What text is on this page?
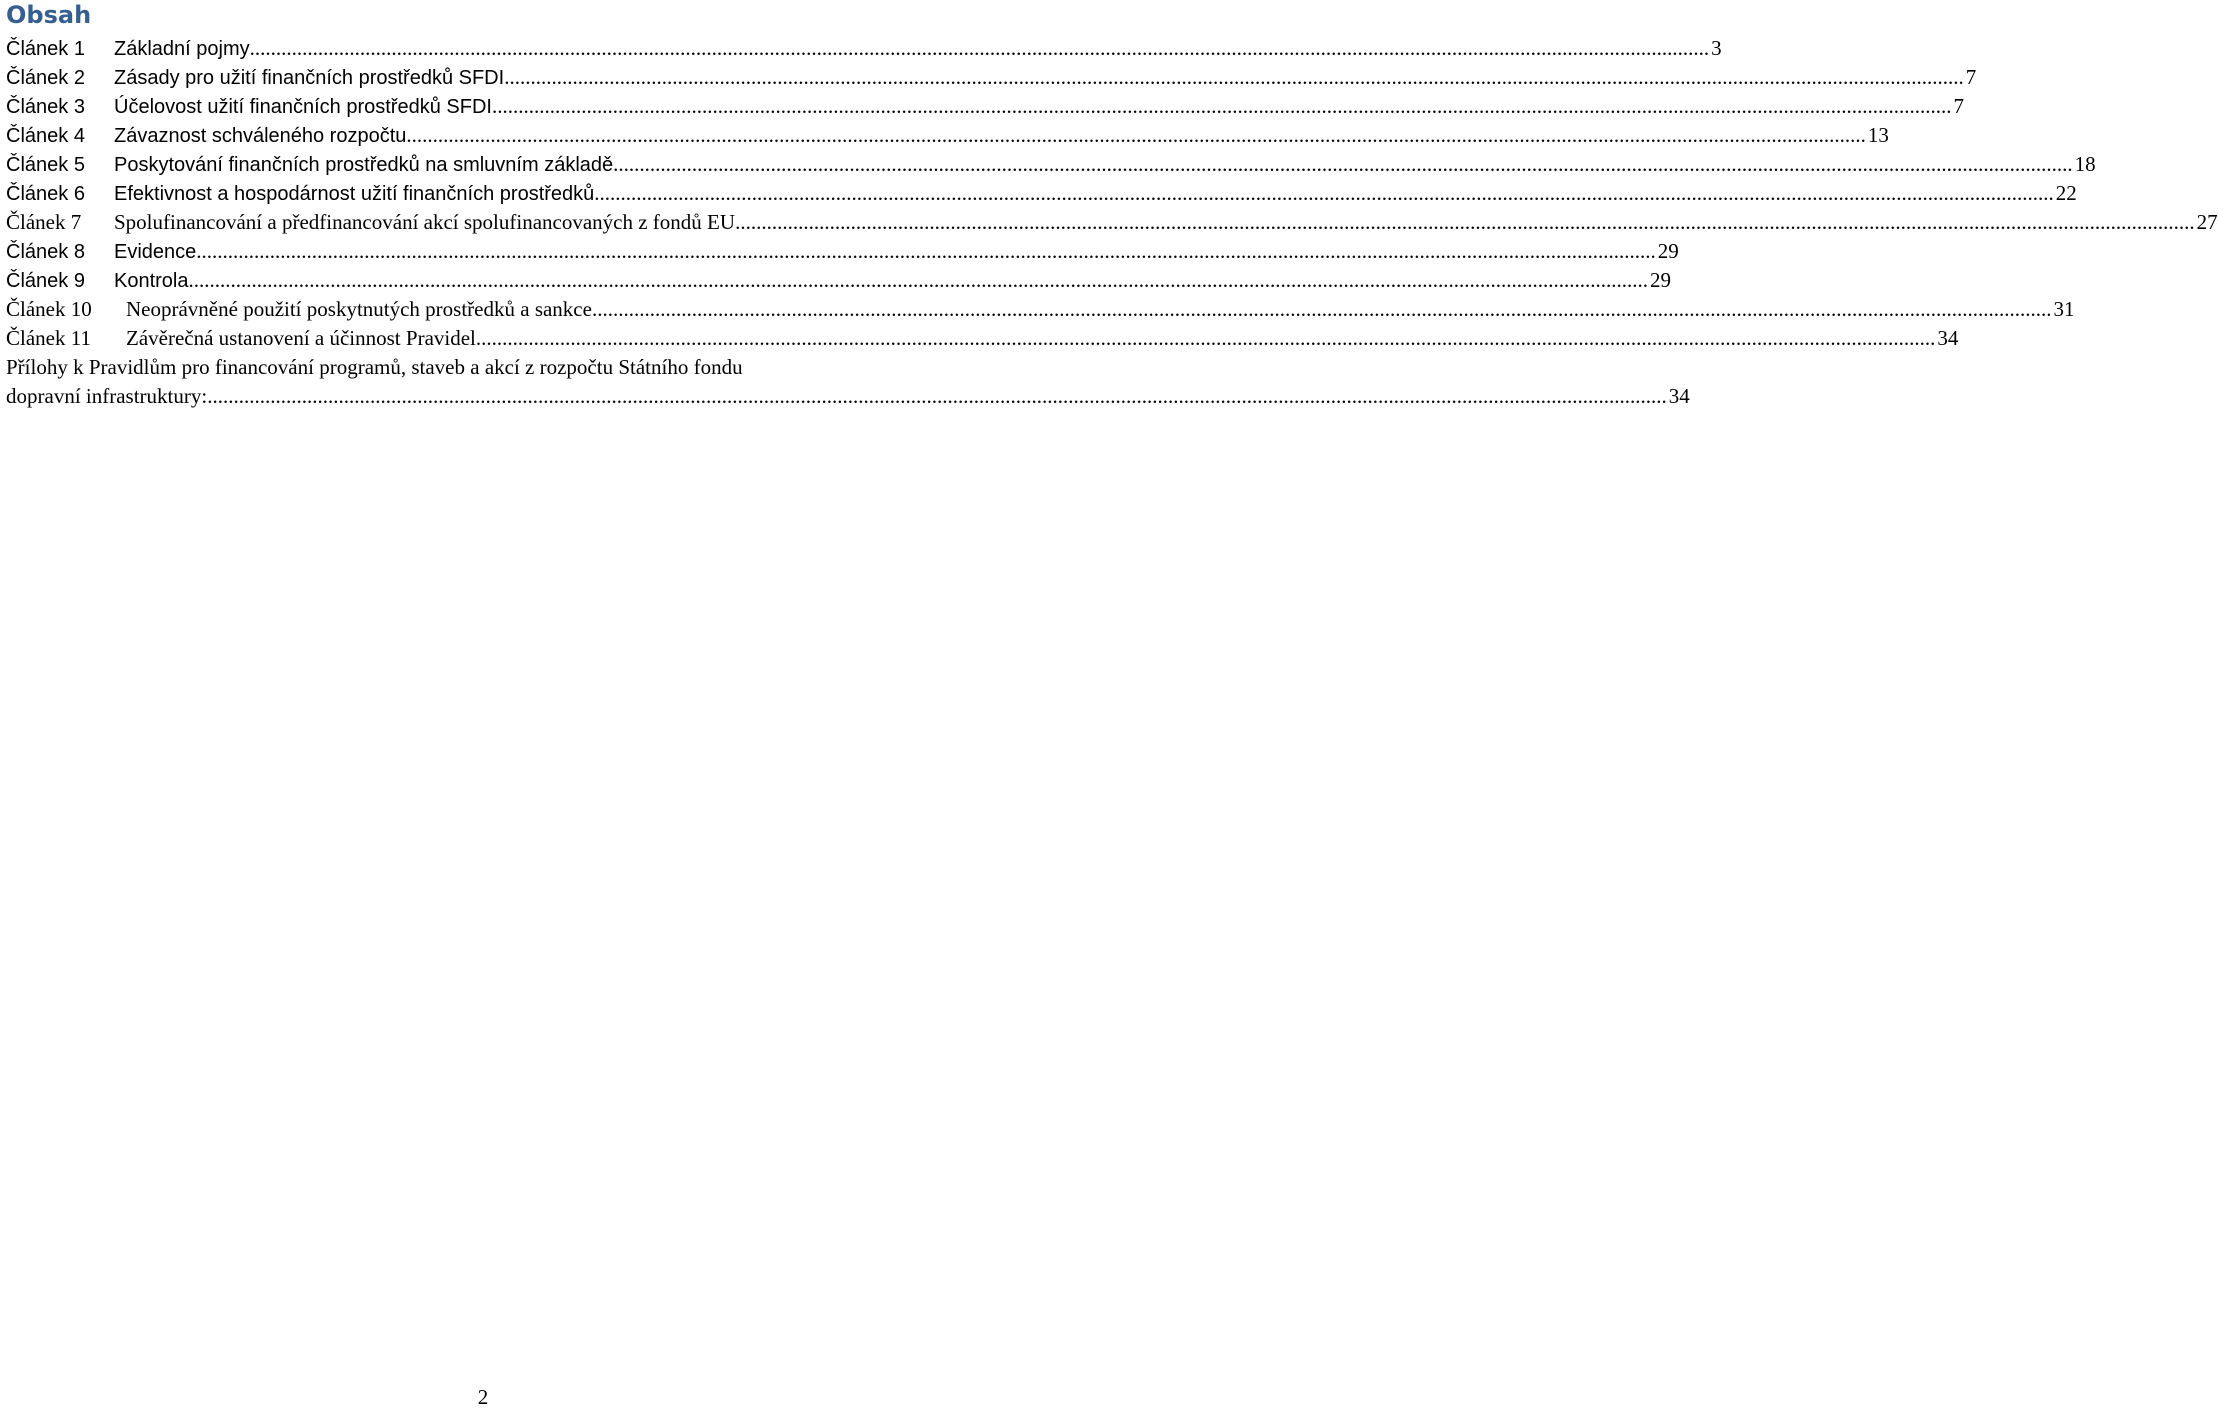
Obsah
Článek 1	Základní pojmy .....	3
Článek 2	Zásady pro užití finančních prostředků SFDI .....	7
Článek 3	Účelovost užití finančních prostředků SFDI .....	7
Článek 4	Závaznost schváleného rozpočtu .....	13
Článek 5	Poskytování finančních prostředků na smluvním základě .....	18
Článek 6	Efektivnost a hospodárnost užití finančních prostředků .....	22
Článek 7	Spolufinancování a předfinancování akcí spolufinancovaných z fondů EU .....	27
Článek 8	Evidence .....	29
Článek 9	Kontrola .....	29
Článek 10	Neoprávněné použití poskytnutých prostředků a sankce .....	31
Článek 11	Závěrečná ustanovení a účinnost Pravidel .....	34
Přílohy k Pravidlům pro financování programů, staveb a akcí z rozpočtu Státního fondu
dopravní infrastruktury: .....	34

2
